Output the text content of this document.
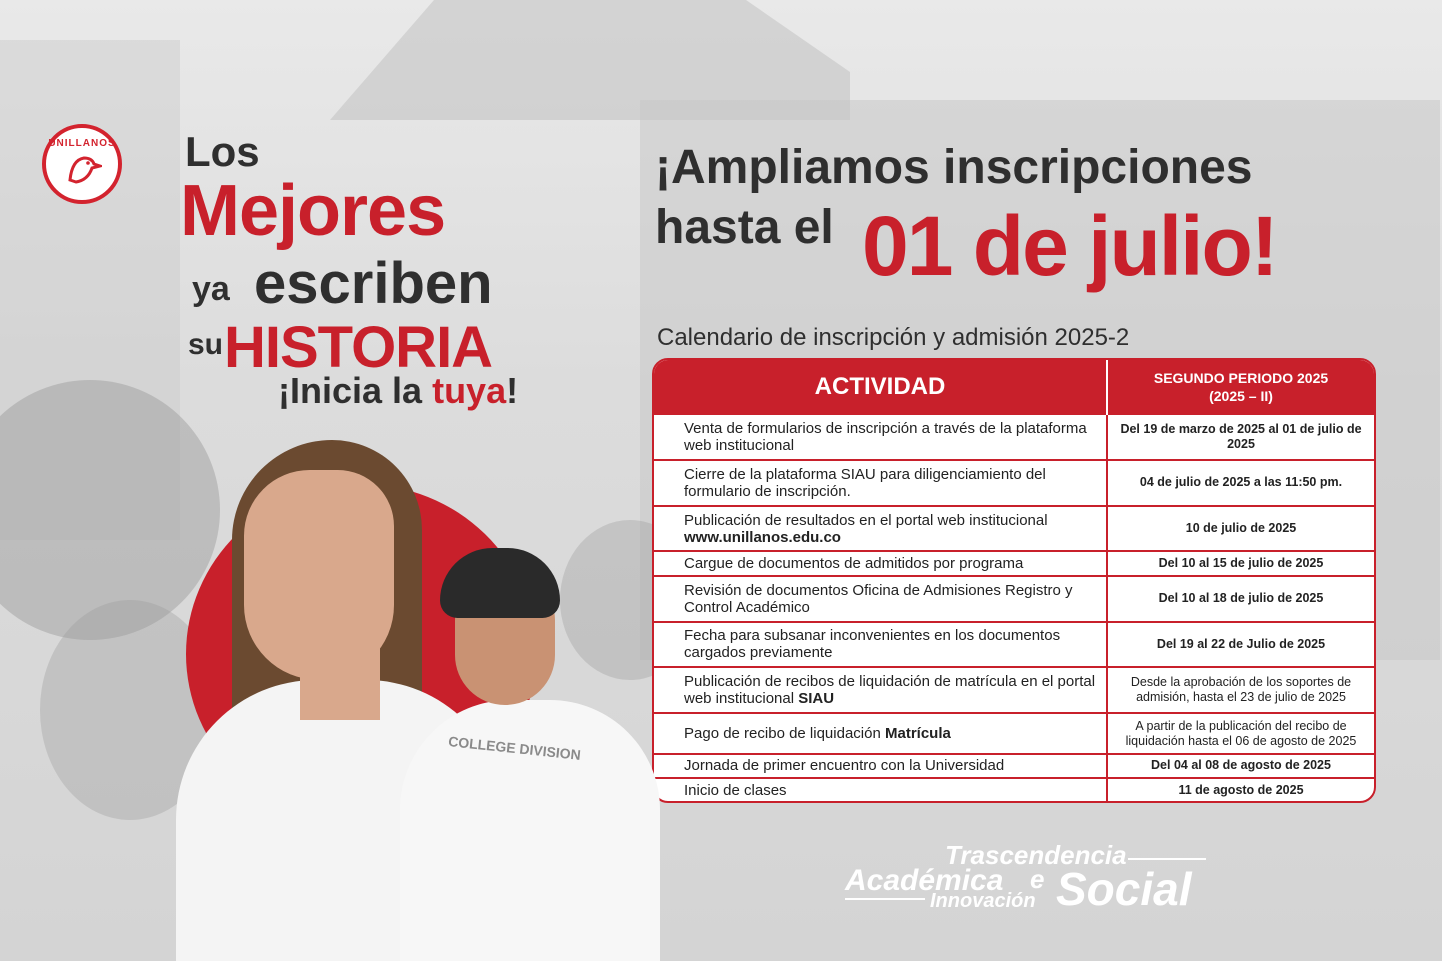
UNILLANOS Los
Mejores
ya escriben
su HISTORIA
¡Inicia la tuya!
¡Ampliamos inscripciones
hasta el 01 de julio!
Calendario de inscripción y admisión 2025-2
ACTIVIDAD	SEGUNDO PERIODO 2025
(2025 – II)

Venta de formularios de inscripción a través de la plataforma web institucional	Del 19 de marzo de 2025 al 01 de julio de 2025
Cierre de la plataforma SIAU para diligenciamiento del formulario de inscripción.	04 de julio de 2025 a las 11:50 pm.
Publicación de resultados en el portal web institucional www.unillanos.edu.co	10 de julio de 2025
Cargue de documentos de admitidos por programa	Del 10 al 15 de julio de 2025
Revisión de documentos Oficina de Admisiones Registro y Control Académico	Del 10 al 18 de julio de 2025
Fecha para subsanar inconvenientes en los documentos cargados previamente	Del 19 al 22 de Julio de 2025
Publicación de recibos de liquidación de matrícula en el portal web institucional SIAU	Desde la aprobación de los soportes de admisión, hasta el 23 de julio de 2025
Pago de recibo de liquidación Matrícula	A partir de la publicación del recibo de liquidación hasta el 06 de agosto de 2025
Jornada de primer encuentro con la Universidad	Del 04 al 08 de agosto de 2025
Inicio de clases	11 de agosto de 2025
COLLEGE DIVISION
Trascendencia
Académica e
Innovación Social
